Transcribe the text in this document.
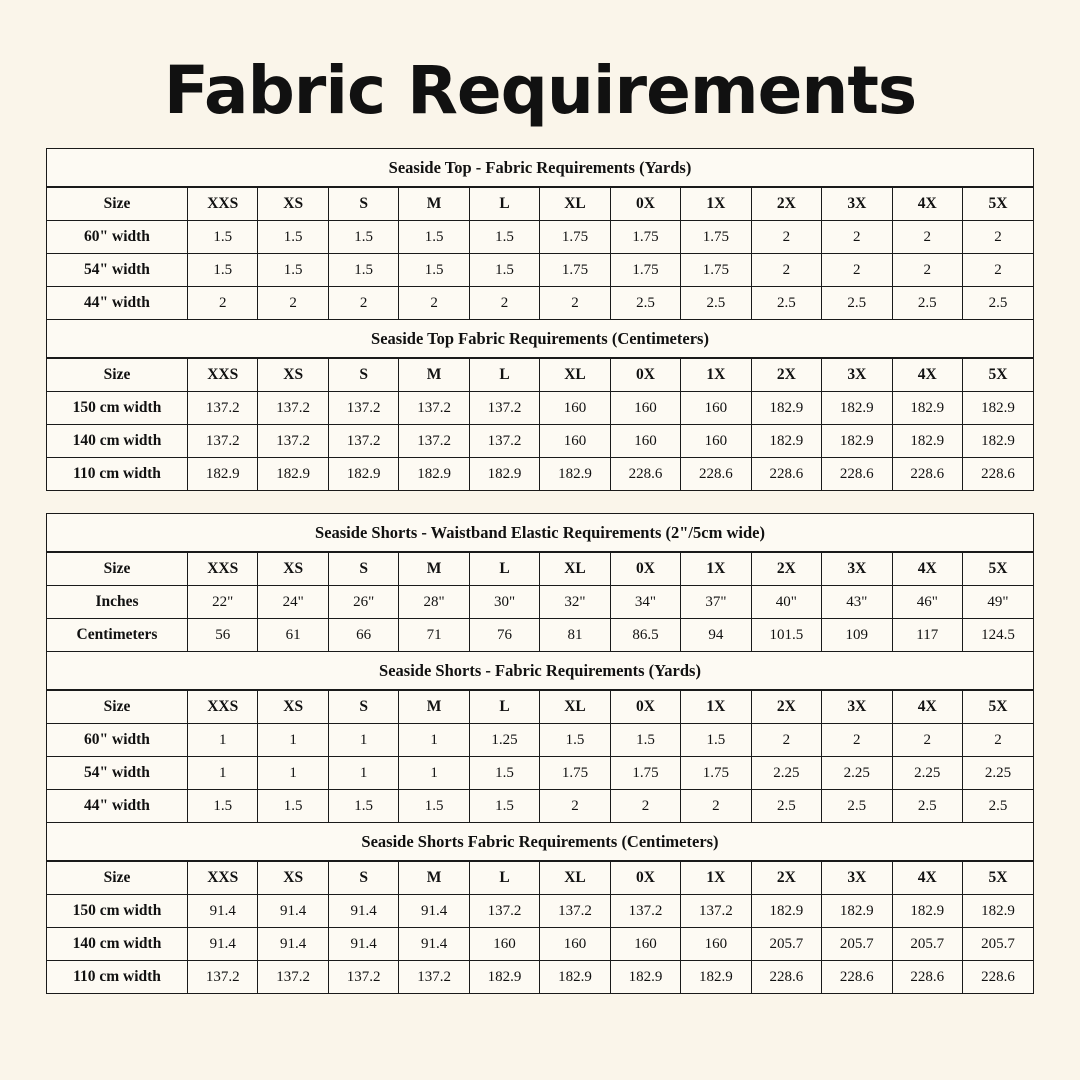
Fabric Requirements
Seaside Top - Fabric Requirements (Yards)
Size	XXS	XS	S	M	L	XL	0X	1X	2X	3X	4X	5X
60" width	1.5	1.5	1.5	1.5	1.5	1.75	1.75	1.75	2	2	2	2
54" width	1.5	1.5	1.5	1.5	1.5	1.75	1.75	1.75	2	2	2	2
44" width	2	2	2	2	2	2	2.5	2.5	2.5	2.5	2.5	2.5
Seaside Top Fabric Requirements (Centimeters)
Size	XXS	XS	S	M	L	XL	0X	1X	2X	3X	4X	5X
150 cm width	137.2	137.2	137.2	137.2	137.2	160	160	160	182.9	182.9	182.9	182.9
140 cm width	137.2	137.2	137.2	137.2	137.2	160	160	160	182.9	182.9	182.9	182.9
110 cm width	182.9	182.9	182.9	182.9	182.9	182.9	228.6	228.6	228.6	228.6	228.6	228.6
Seaside Shorts - Waistband Elastic Requirements (2"/5cm wide)
Size	XXS	XS	S	M	L	XL	0X	1X	2X	3X	4X	5X
Inches	22"	24"	26"	28"	30"	32"	34"	37"	40"	43"	46"	49"
Centimeters	56	61	66	71	76	81	86.5	94	101.5	109	117	124.5
Seaside Shorts - Fabric Requirements (Yards)
Size	XXS	XS	S	M	L	XL	0X	1X	2X	3X	4X	5X
60" width	1	1	1	1	1.25	1.5	1.5	1.5	2	2	2	2
54" width	1	1	1	1	1.5	1.75	1.75	1.75	2.25	2.25	2.25	2.25
44" width	1.5	1.5	1.5	1.5	1.5	2	2	2	2.5	2.5	2.5	2.5
Seaside Shorts Fabric Requirements (Centimeters)
Size	XXS	XS	S	M	L	XL	0X	1X	2X	3X	4X	5X
150 cm width	91.4	91.4	91.4	91.4	137.2	137.2	137.2	137.2	182.9	182.9	182.9	182.9
140 cm width	91.4	91.4	91.4	91.4	160	160	160	160	205.7	205.7	205.7	205.7
110 cm width	137.2	137.2	137.2	137.2	182.9	182.9	182.9	182.9	228.6	228.6	228.6	228.6
